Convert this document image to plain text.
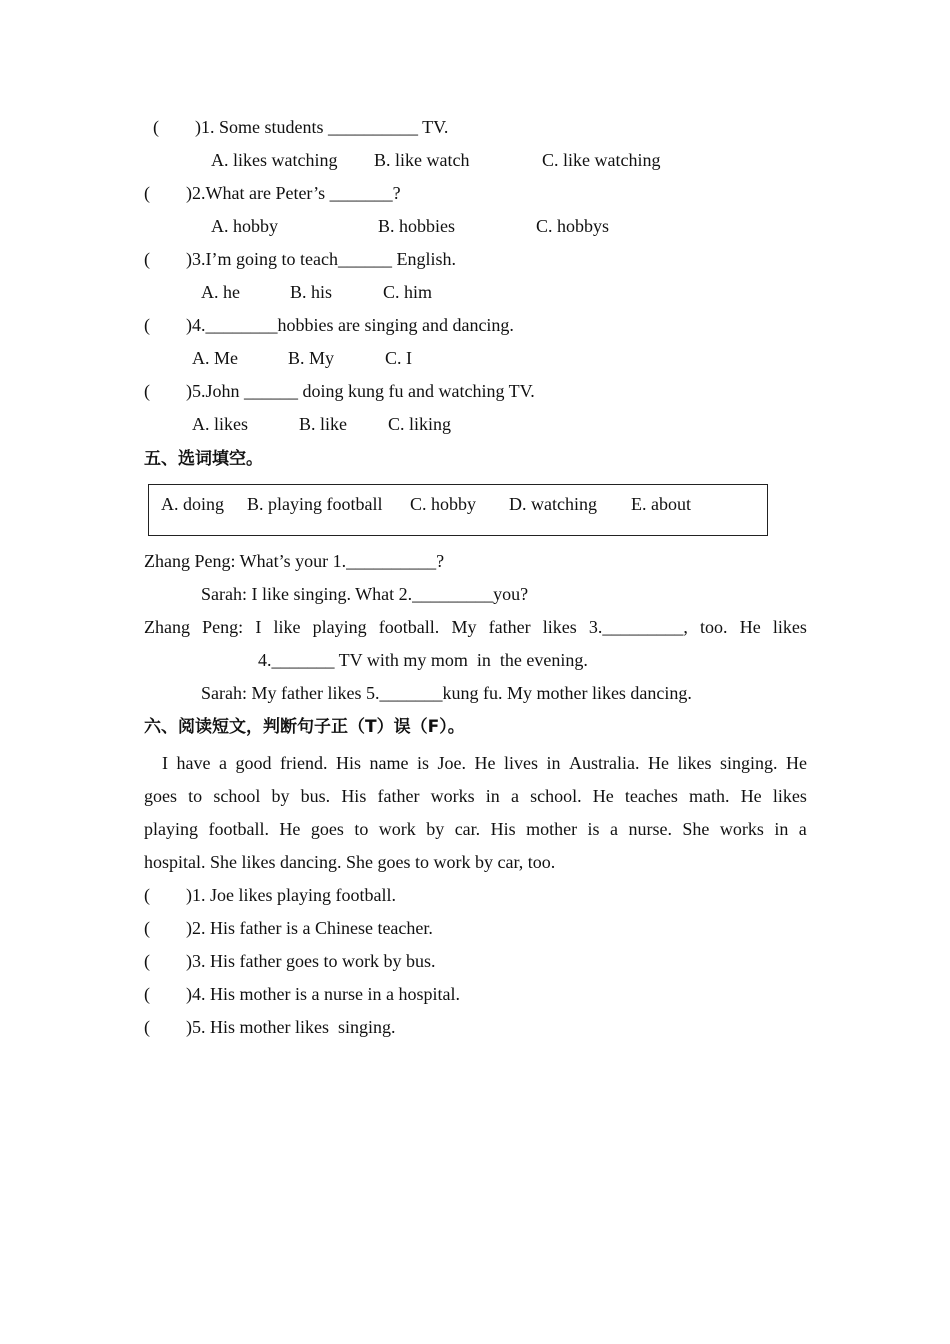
(        )1. Some students __________ TV.
A. likes watching B. like watch	C. like watching
(        )2.What are Peter’s _______?
A. hobby	B. hobbies	C. hobbys
(        )3.I’m going to teach______ English.
A. he	B. his	C. him
(        )4.________hobbies are singing and dancing.
A. Me	B. My	C. I
(        )5.John ______ doing kung fu and watching TV.
A. likes	B. like C. liking
五、选词填空。
A. doing B. playing football C. hobby D. watching E. about
Zhang Peng: What’s your 1.__________?
Sarah: I like singing. What 2._________you?
Zhang Peng: I like playing football. My father likes 3._________, too. He likes
4._______ TV with my mom  in  the evening.
Sarah: My father likes 5._______kung fu. My mother likes dancing.
六、阅读短文，判断句子正（T）误（F）。
I have a good friend. His name is Joe. He lives in Australia. He likes singing. He
goes to school by bus. His father works in a school. He teaches math. He likes
playing football. He goes to work by car. His mother is a nurse. She works in a
hospital. She likes dancing. She goes to work by car, too.
(        )1. Joe likes playing football.
(        )2. His father is a Chinese teacher.
(        )3. His father goes to work by bus.
(        )4. His mother is a nurse in a hospital.
(        )5. His mother likes  singing.
